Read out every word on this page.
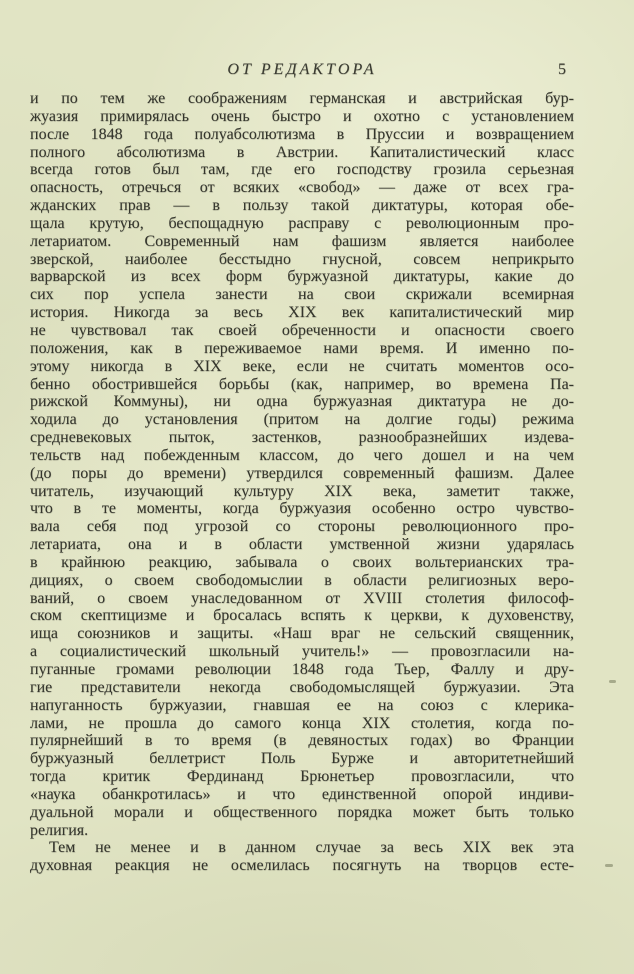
ОТ РЕДАКТОРА	5
и по тем же соображениям германская и австрийская бур-
жуазия примирялась очень быстро и охотно с установлением
после 1848 года полуабсолютизма в Пруссии и возвращением
полного абсолютизма в Австрии. Капиталистический класс
всегда готов был там, где его господству грозила серьезная
опасность, отречься от всяких «свобод» — даже от всех гра-
жданских прав — в пользу такой диктатуры, которая обе-
щала крутую, беспощадную расправу с революционным про-
летариатом. Современный нам фашизм является наиболее
зверской, наиболее бесстыдно гнусной, совсем неприкрыто
варварской из всех форм буржуазной диктатуры, какие до
сих пор успела занести на свои скрижали всемирная
история. Никогда за весь XIX век капиталистический мир
не чувствовал так своей обреченности и опасности своего
положения, как в переживаемое нами время. И именно по-
этому никогда в XIX веке, если не считать моментов осо-
бенно обострившейся борьбы (как, например, во времена Па-
рижской Коммуны), ни одна буржуазная диктатура не до-
ходила до установления (притом на долгие годы) режима
средневековых пыток, застенков, разнообразнейших издева-
тельств над побежденным классом, до чего дошел и на чем
(до поры до времени) утвердился современный фашизм. Далее
читатель, изучающий культуру XIX века, заметит также,
что в те моменты, когда буржуазия особенно остро чувство-
вала себя под угрозой со стороны революционного про-
летариата, она и в области умственной жизни ударялась
в крайнюю реакцию, забывала о своих вольтерианских тра-
дициях, о своем свободомыслии в области религиозных веро-
ваний, о своем унаследованном от XVIII столетия философ-
ском скептицизме и бросалась вспять к церкви, к духовенству,
ища союзников и защиты. «Наш враг не сельский священник,
а социалистический школьный учитель!» — провозгласили на-
пуганные громами революции 1848 года Тьер, Фаллу и дру-
гие представители некогда свободомыслящей буржуазии. Эта
напуганность буржуазии, гнавшая ее на союз с клерика-
лами, не прошла до самого конца XIX столетия, когда по-
пулярнейший в то время (в девяностых годах) во Франции
буржуазный беллетрист Поль Бурже и авторитетнейший
тогда критик Фердинанд Брюнетьер провозгласили, что
«наука обанкротилась» и что единственной опорой индиви-
дуальной морали и общественного порядка может быть только
религия.
Тем не менее и в данном случае за весь XIX век эта
духовная реакция не осмелилась посягнуть на творцов есте-
